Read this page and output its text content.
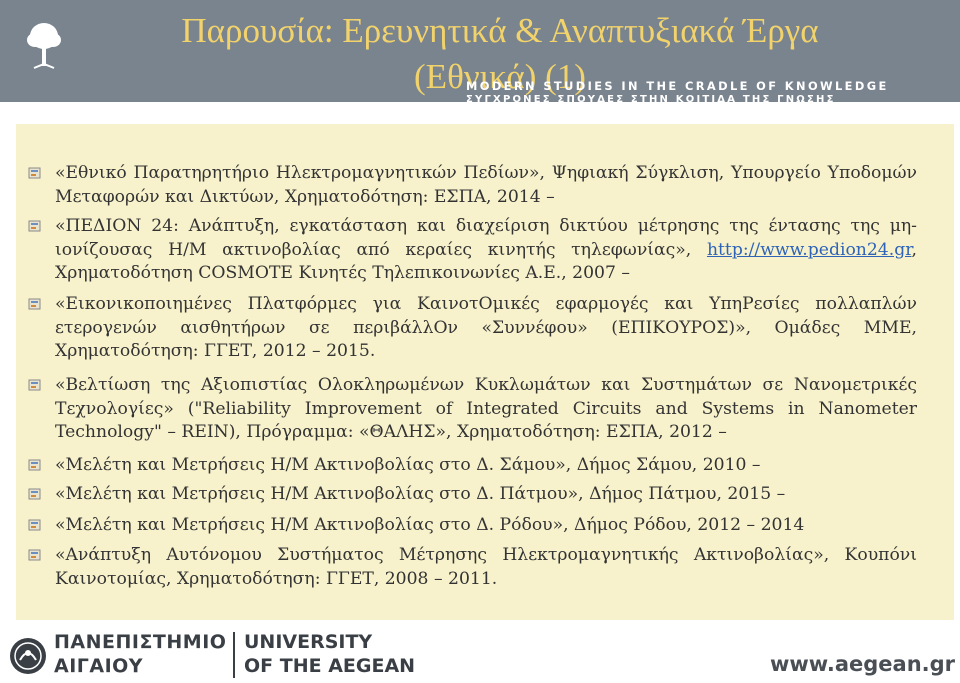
Παρουσία: Ερευνητικά & Αναπτυξιακά Έργα
(Εθνικά) (1)
MODERN STUDIES IN THE CRADLE OF KNOWLEDGE
ΣΥΓΧΡΟΝΕΣ ΣΠΟΥΔΕΣ ΣΤΗΝ ΚΟΙΤΙΔΑ ΤΗΣ ΓΝΩΣΗΣ
«Εθνικό Παρατηρητήριο Ηλεκτρομαγνητικών Πεδίων», Ψηφιακή Σύγκλιση, Υπουργείο Υποδομών Μεταφορών και Δικτύων, Χρηματοδότηση: ΕΣΠΑ, 2014 –
«ΠΕΔΙΟΝ 24: Ανάπτυξη, εγκατάσταση και διαχείριση δικτύου μέτρησης της έντασης της μη-ιονίζουσας Η/Μ ακτινοβολίας από κεραίες κινητής τηλεφωνίας», http://www.pedion24.gr, Χρηματοδότηση COSMOTE Κινητές Τηλεπικοινωνίες Α.Ε., 2007 –
«Εικονικοποιημένες Πλατφόρμες για ΚαινοτΟμικές εφαρμογές και ΥπηΡεσίες πολλαπλών ετερογενών αισθητήρων σε περιβάλλΟν «Συννέφου» (ΕΠΙΚΟΥΡΟΣ)», Ομάδες ΜΜΕ, Χρηματοδότηση: ΓΓΕΤ, 2012 – 2015.
«Βελτίωση της Αξιοπιστίας Ολοκληρωμένων Κυκλωμάτων και Συστημάτων σε Νανομετρικές Τεχνολογίες» ("Reliability Improvement of Integrated Circuits and Systems in Nanometer Technology" – REIN), Πρόγραμμα: «ΘΑΛΗΣ», Χρηματοδότηση: ΕΣΠΑ, 2012 –
«Μελέτη και Μετρήσεις Η/Μ Ακτινοβολίας στο Δ. Σάμου», Δήμος Σάμου, 2010 –
«Μελέτη και Μετρήσεις Η/Μ Ακτινοβολίας στο Δ. Πάτμου», Δήμος Πάτμου, 2015 –
«Μελέτη και Μετρήσεις Η/Μ Ακτινοβολίας στο Δ. Ρόδου», Δήμος Ρόδου, 2012 – 2014
«Ανάπτυξη Αυτόνομου Συστήματος Μέτρησης Ηλεκτρομαγνητικής Ακτινοβολίας», Κουπόνι Καινοτομίας, Χρηματοδότηση: ΓΓΕΤ, 2008 – 2011.
ΠΑΝΕΠΙΣΤΗΜΙΟ
ΑΙΓΑΙΟΥ
UNIVERSITY
OF THE AEGEAN	www.aegean.gr
